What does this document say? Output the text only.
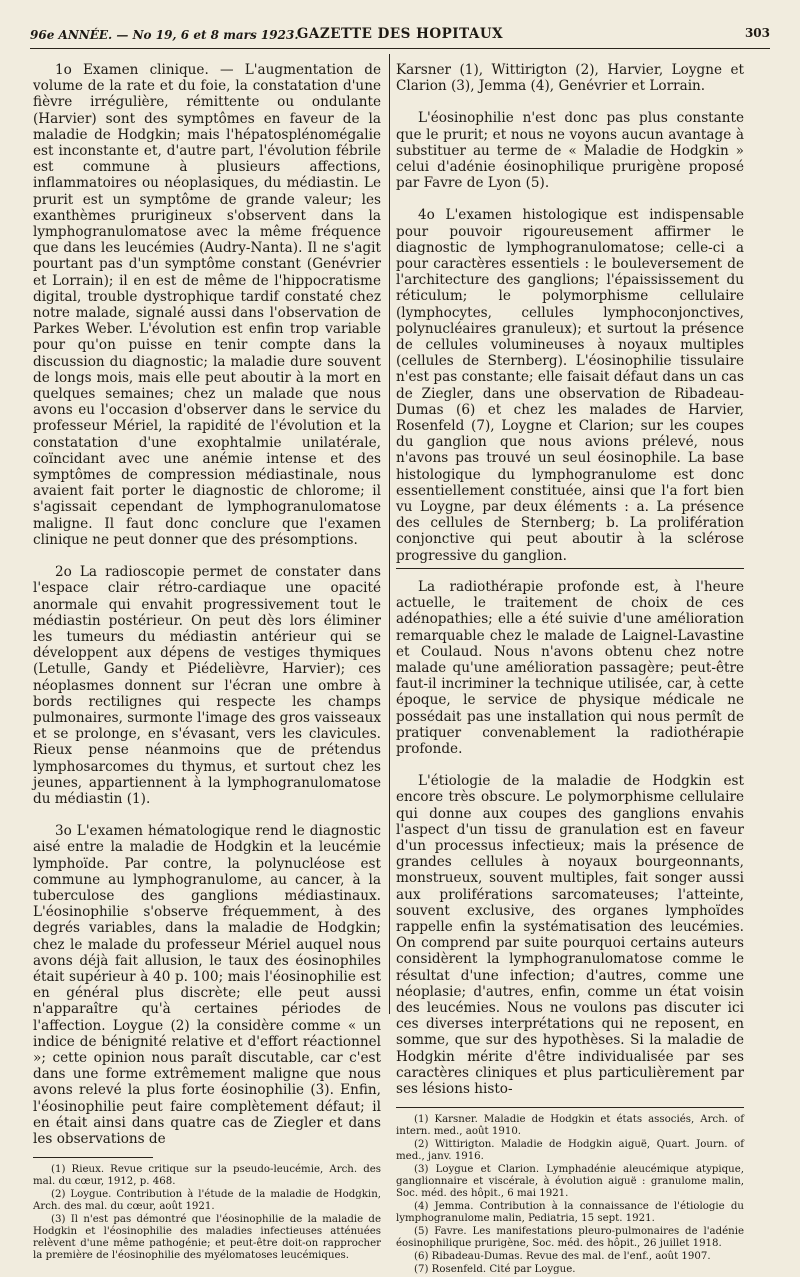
96e ANNÉE. — No 19, 6 et 8 mars 1923.
GAZETTE DES HOPITAUX	303

1o Examen clinique. — L'augmentation de volume de la rate et du foie, la constatation d'une fièvre irrégulière, rémittente ou ondulante (Harvier) sont des symptômes en faveur de la maladie de Hodgkin; mais l'hépatosplénomégalie est inconstante et, d'autre part, l'évolution fébrile est commune à plusieurs affections, inflammatoires ou néoplasiques, du médiastin. Le prurit est un symptôme de grande valeur; les exanthèmes prurigineux s'observent dans la lymphogranulomatose avec la même fréquence que dans les leucémies (Audry-Nanta). Il ne s'agit pourtant pas d'un symptôme constant (Genévrier et Lorrain); il en est de même de l'hippocratisme digital, trouble dystrophique tardif constaté chez notre malade, signalé aussi dans l'observation de Parkes Weber. L'évolution est enfin trop variable pour qu'on puisse en tenir compte dans la discussion du diagnostic; la maladie dure souvent de longs mois, mais elle peut aboutir à la mort en quelques semaines; chez un malade que nous avons eu l'occasion d'observer dans le service du professeur Mériel, la rapidité de l'évolution et la constatation d'une exophtalmie unilatérale, coïncidant avec une anémie intense et des symptômes de compression médiastinale, nous avaient fait porter le diagnostic de chlorome; il s'agissait cependant de lymphogranulomatose maligne. Il faut donc conclure que l'examen clinique ne peut donner que des présomptions.

2o La radioscopie permet de constater dans l'espace clair rétro-cardiaque une opacité anormale qui envahit progressivement tout le médiastin postérieur. On peut dès lors éliminer les tumeurs du médiastin antérieur qui se développent aux dépens de vestiges thymiques (Letulle, Gandy et Piédelièvre, Harvier); ces néoplasmes donnent sur l'écran une ombre à bords rectilignes qui respecte les champs pulmonaires, surmonte l'image des gros vaisseaux et se prolonge, en s'évasant, vers les clavicules. Rieux pense néanmoins que de prétendus lymphosarcomes du thymus, et surtout chez les jeunes, appartiennent à la lymphogranulomatose du médiastin (1).

3o L'examen hématologique rend le diagnostic aisé entre la maladie de Hodgkin et la leucémie lymphoïde. Par contre, la polynucléose est commune au lymphogranulome, au cancer, à la tuberculose des ganglions médiastinaux. L'éosinophilie s'observe fréquemment, à des degrés variables, dans la maladie de Hodgkin; chez le malade du professeur Mériel auquel nous avons déjà fait allusion, le taux des éosinophiles était supérieur à 40 p. 100; mais l'éosinophilie est en général plus discrète; elle peut aussi n'apparaître qu'à certaines périodes de l'affection. Loygue (2) la considère comme « un indice de bénignité relative et d'effort réactionnel »; cette opinion nous paraît discutable, car c'est dans une forme extrêmement maligne que nous avons relevé la plus forte éosinophilie (3). Enfin, l'éosinophilie peut faire complètement défaut; il en était ainsi dans quatre cas de Ziegler et dans les observations de

(1) Rieux. Revue critique sur la pseudo-leucémie, Arch. des mal. du cœur, 1912, p. 468.
(2) Loygue. Contribution à l'étude de la maladie de Hodgkin, Arch. des mal. du cœur, août 1921.
(3) Il n'est pas démontré que l'éosinophilie de la maladie de Hodgkin et l'éosinophilie des maladies infectieuses atténuées relèvent d'une même pathogénie; et peut-être doit-on rapprocher la première de l'éosinophilie des myélomatoses leucémiques.

Karsner (1), Wittirigton (2), Harvier, Loygne et Clarion (3), Jemma (4), Genévrier et Lorrain.

L'éosinophilie n'est donc pas plus constante que le prurit; et nous ne voyons aucun avantage à substituer au terme de « Maladie de Hodgkin » celui d'adénie éosinophilique prurigène proposé par Favre de Lyon (5).

4o L'examen histologique est indispensable pour pouvoir rigoureusement affirmer le diagnostic de lymphogranulomatose; celle-ci a pour caractères essentiels : le bouleversement de l'architecture des ganglions; l'épaississement du réticulum; le polymorphisme cellulaire (lymphocytes, cellules lymphoconjonctives, polynucléaires granuleux); et surtout la présence de cellules volumineuses à noyaux multiples (cellules de Sternberg). L'éosinophilie tissulaire n'est pas constante; elle faisait défaut dans un cas de Ziegler, dans une observation de Ribadeau-Dumas (6) et chez les malades de Harvier, Rosenfeld (7), Loygne et Clarion; sur les coupes du ganglion que nous avions prélevé, nous n'avons pas trouvé un seul éosinophile. La base histologique du lymphogranulome est donc essentiellement constituée, ainsi que l'a fort bien vu Loygne, par deux éléments : a. La présence des cellules de Sternberg; b. La prolifération conjonctive qui peut aboutir à la sclérose progressive du ganglion.

La radiothérapie profonde est, à l'heure actuelle, le traitement de choix de ces adénopathies; elle a été suivie d'une amélioration remarquable chez le malade de Laignel-Lavastine et Coulaud. Nous n'avons obtenu chez notre malade qu'une amélioration passagère; peut-être faut-il incriminer la technique utilisée, car, à cette époque, le service de physique médicale ne possédait pas une installation qui nous permît de pratiquer convenablement la radiothérapie profonde.

L'étiologie de la maladie de Hodgkin est encore très obscure. Le polymorphisme cellulaire qui donne aux coupes des ganglions envahis l'aspect d'un tissu de granulation est en faveur d'un processus infectieux; mais la présence de grandes cellules à noyaux bourgeonnants, monstrueux, souvent multiples, fait songer aussi aux proliférations sarcomateuses; l'atteinte, souvent exclusive, des organes lymphoïdes rappelle enfin la systématisation des leucémies. On comprend par suite pourquoi certains auteurs considèrent la lymphogranulomatose comme le résultat d'une infection; d'autres, comme une néoplasie; d'autres, enfin, comme un état voisin des leucémies. Nous ne voulons pas discuter ici ces diverses interprétations qui ne reposent, en somme, que sur des hypothèses. Si la maladie de Hodgkin mérite d'être individualisée par ses caractères cliniques et plus particulièrement par ses lésions histo-

(1) Karsner. Maladie de Hodgkin et états associés, Arch. of intern. med., août 1910.
(2) Wittirigton. Maladie de Hodgkin aiguë, Quart. Journ. of med., janv. 1916.
(3) Loygue et Clarion. Lymphadénie aleucémique atypique, ganglionnaire et viscérale, à évolution aiguë : granulome malin, Soc. méd. des hôpit., 6 mai 1921.
(4) Jemma. Contribution à la connaissance de l'étiologie du lymphogranulome malin, Pediatria, 15 sept. 1921.
(5) Favre. Les manifestations pleuro-pulmonaires de l'adénie éosinophilique prurigène, Soc. méd. des hôpit., 26 juillet 1918.
(6) Ribadeau-Dumas. Revue des mal. de l'enf., août 1907.
(7) Rosenfeld. Cité par Loygue.
